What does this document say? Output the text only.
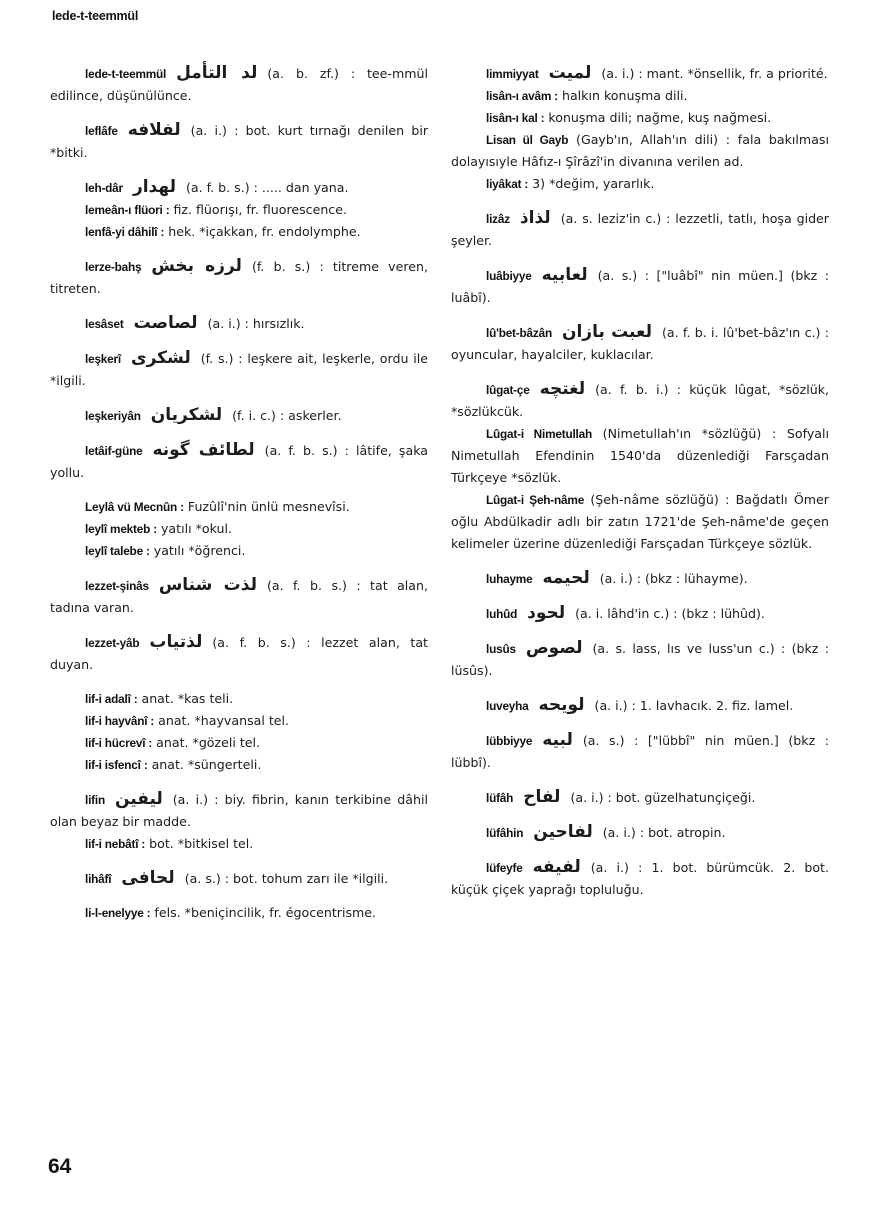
lede-t-teemmül

lede-t-teemmül لد التأمل (a. b. zf.) : tee-mmül edilince, düşünülünce.

leflâfe لفلافه (a. i.) : bot. kurt tırnağı denilen bir *bitki.

leh-dâr لهدار (a. f. b. s.) : ..... dan yana.

lemeân-ı flüori : fiz. flüorışı, fr. fluorescence.

lenfâ-yi dâhilî : hek. *içakkan, fr. endolymphe.

lerze-bahş لرزه بخش (f. b. s.) : titreme veren, titreten.

lesâset لصاصت (a. i.) : hırsızlık.

leşkerî لشكرى (f. s.) : leşkere ait, leşkerle, ordu ile *ilgili.

leşkeriyân لشكريان (f. i. c.) : askerler.

letâif-güne لطائف گونه (a. f. b. s.) : lâtife, şaka yollu.

Leylâ vü Mecnûn : Fuzûlî'nin ünlü mesnevîsi.

leylî mekteb : yatılı *okul.

leylî talebe : yatılı *öğrenci.

lezzet-şinâs لذت شناس (a. f. b. s.) : tat alan, tadına varan.

lezzet-yâb لذتياب (a. f. b. s.) : lezzet alan, tat duyan.

lif-i adalî : anat. *kas teli.

lif-i hayvânî : anat. *hayvansal tel.

lif-i hücrevî : anat. *gözeli tel.

lif-i isfencî : anat. *süngerteli.

lifin ليفين (a. i.) : biy. fibrin, kanın terkibine dâhil olan beyaz bir madde.

lif-i nebâtî : bot. *bitkisel tel.

lihâfî لحافى (a. s.) : bot. tohum zarı ile *ilgili.

li-l-enelyye : fels. *beniçincilik, fr. égocentrisme.

limmiyyat لميت (a. i.) : mant. *önsellik, fr. a priorité.

lisân-ı avâm : halkın konuşma dili.

lisân-ı kal : konuşma dili; nağme, kuş nağmesi.

Lisan ül Gayb (Gayb'ın, Allah'ın dili) : fala bakılması dolayısıyle Hâfız-ı Şîrâzî'in divanına verilen ad.

liyâkat : 3) *değim, yararlık.

lizâz لذاذ (a. s. leziz'in c.) : lezzetli, tatlı, hoşa gider şeyler.

luâbiyye لعابيه (a. s.) : ["luâbî" nin müen.] (bkz : luâbî).

lû'bet-bâzân لعبت بازان (a. f. b. i. lû'bet-bâz'ın c.) : oyuncular, hayalciler, kuklacılar.

lûgat-çe لغتچه (a. f. b. i.) : küçük lûgat, *sözlük, *sözlükcük.

Lûgat-i Nimetullah (Nimetullah'ın *sözlüğü) : Sofyalı Nimetullah Efendinin 1540'da düzenlediği Farsçadan Türkçeye *sözlük.

Lûgat-i Şeh-nâme (Şeh-nâme sözlüğü) : Bağdatlı Ömer oğlu Abdülkadir adlı bir zatın 1721'de Şeh-nâme'de geçen kelimeler üzerine düzenlediği Farsçadan Türkçeye sözlük.

luhayme لحيمه (a. i.) : (bkz : lühayme).

luhûd لحود (a. i. lâhd'in c.) : (bkz : lühûd).

lusûs لصوص (a. s. lass, lıs ve luss'un c.) : (bkz : lüsûs).

luveyha لويحه (a. i.) : 1. lavhacık. 2. fiz. lamel.

lübbiyye لبيه (a. s.) : ["lübbî" nin müen.] (bkz : lübbî).

lüfâh لفاح (a. i.) : bot. güzelhatunçiçeği.

lüfâhin لفاحين (a. i.) : bot. atropin.

lüfeyfe لفيفه (a. i.) : 1. bot. bürümcük. 2. bot. küçük çiçek yaprağı topluluğu.

64
